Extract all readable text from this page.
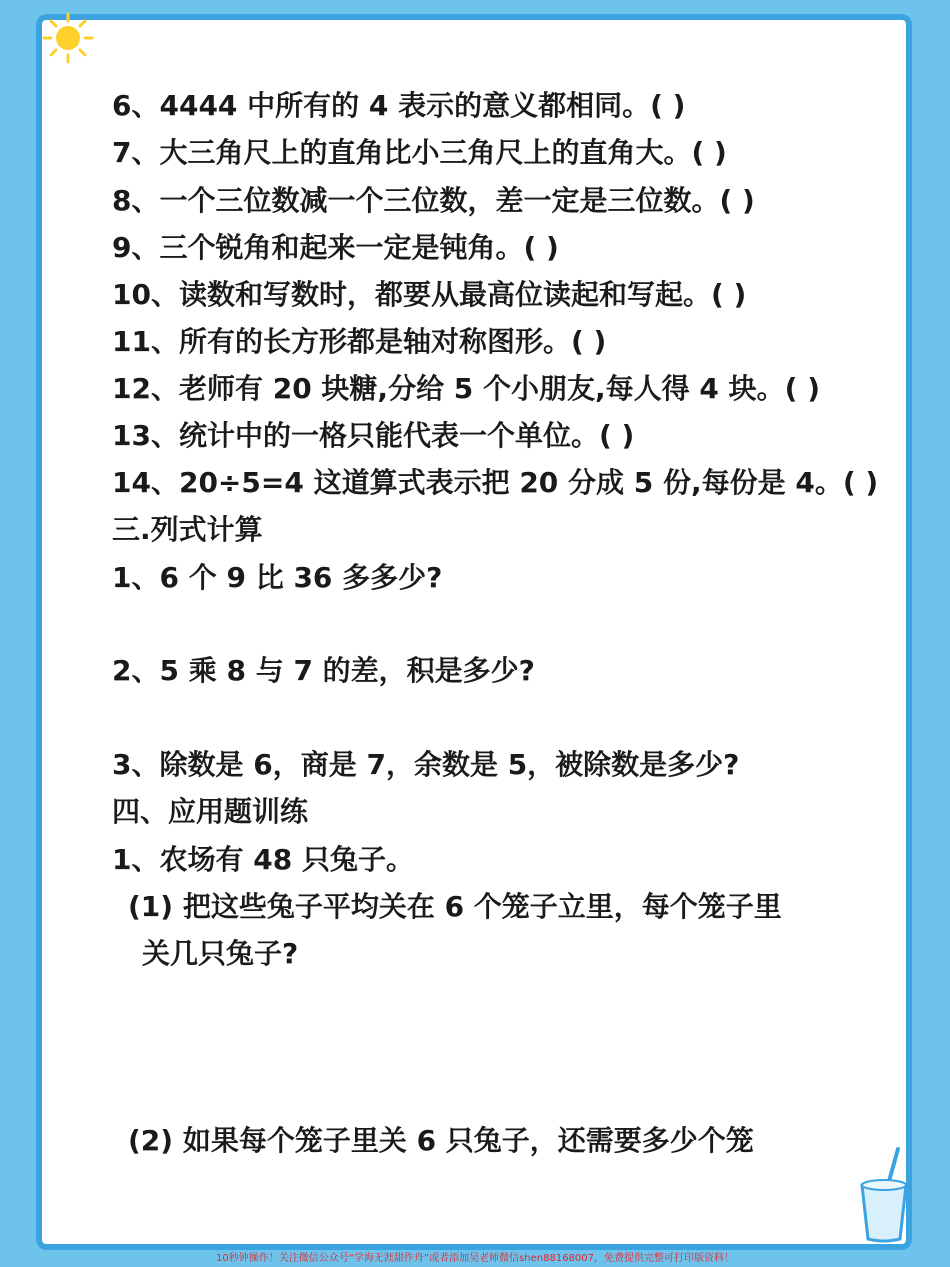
6、4444 中所有的 4 表示的意义都相同。( )
7、大三角尺上的直角比小三角尺上的直角大。( )
8、一个三位数减一个三位数，差一定是三位数。( )
9、三个锐角和起来一定是钝角。( )
10、读数和写数时，都要从最高位读起和写起。( )
11、所有的长方形都是轴对称图形。( )
12、老师有 20 块糖,分给 5 个小朋友,每人得 4 块。( )
13、统计中的一格只能代表一个单位。( )
14、20÷5=4 这道算式表示把 20 分成 5 份,每份是 4。( )
三.列式计算
1、6 个 9 比 36 多多少?
2、5 乘 8 与 7 的差，积是多少?
3、除数是 6，商是 7，余数是 5，被除数是多少?
四、应用题训练
1、农场有 48 只兔子。
(1) 把这些兔子平均关在 6 个笼子立里，每个笼子里
关几只兔子?
(2) 如果每个笼子里关 6 只兔子，还需要多少个笼
10秒钟操作！关注微信公众号“学海无涯甜作舟”或者添加吴老师微信shen88168007，免费提供完整可打印版资料！
